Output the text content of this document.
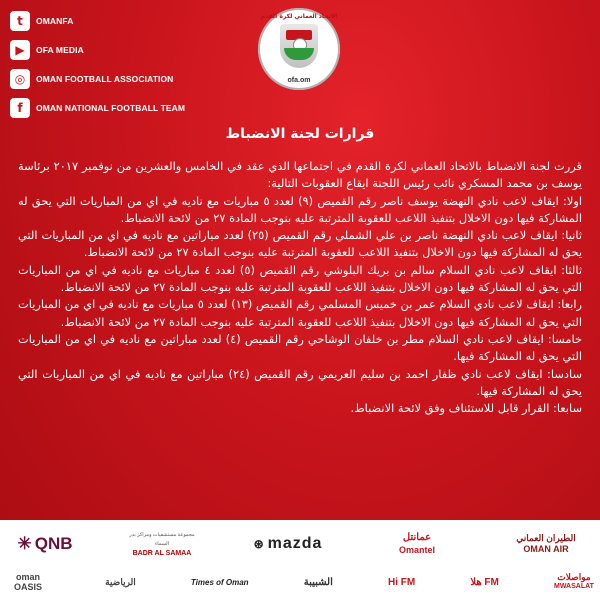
t	OMANFA
▶	OFA MEDIA
◎	OMAN FOOTBALL ASSOCIATION
f	OMAN NATIONAL FOOTBALL TEAM
الاتحاد العماني لكرة القدم
ofa.om
قرارات لجنة الانضباط

قررت لجنة الانضباط بالاتحاد العماني لكرة القدم في اجتماعها الذي عقد في الخامس والعشرين من نوفمبر ٢٠١٧ برئاسة يوسف بن محمد المسكري نائب رئيس اللجنة ايقاع العقوبات التالية:

اولا: ايقاف لاعب نادي النهضة يوسف ناصر رقم القميص (٩) لعدد ٥ مباريات مع ناديه في اي من المباريات التي يحق له المشاركة فيها دون الاخلال بتنفيذ اللاعب للعقوبة المترتبة عليه بنوجب المادة ٢٧ من لائحة الانضباط.

ثانيا: ايقاف لاعب نادي النهضة ناصر بن علي الشملي رقم القميص (٢٥) لعدد مباراتين مع ناديه في اي من المباريات التي يحق له المشاركة فيها دون الاخلال بتنفيذ اللاعب للعقوبة المترتبة عليه بنوجب المادة ٢٧ من لائحة الانضباط.

ثالثا: ايقاف لاعب نادي السلام سالم بن بريك البلوشي رقم القميص (٥) لعدد ٤ مباريات مع ناديه في اي من المباريات التي يحق له المشاركة فيها دون الاخلال بتنفيذ اللاعب للعقوبة المترتبة عليه بنوجب المادة ٢٧ من لائحة الانضباط.

رابعا: ايقاف لاعب نادي السلام عمر بن خميس المسلمي رقم القميص (١٣) لعدد ٥ مباريات مع ناديه في اي من المباريات التي يحق له المشاركة فيها دون الاخلال بتنفيذ اللاعب للعقوبة المترتبة عليه بنوجب المادة ٢٧ من لائحة الانضباط.

خامسا: ايقاف لاعب نادي السلام مطر بن خلفان الوشاحي رقم القميص (٤) لعدد مباراتين مع ناديه في اي من المباريات التي يحق له المشاركة فيها.

سادسا: ايقاف لاعب نادي ظفار احمد بن سليم العريمي رقم القميص (٢٤) مباراتين مع ناديه في اي من المباريات التي يحق له المشاركة فيها.

سابعا: القرار قابل للاستئناف وفق لائحة الانضباط.

✳ QNB	مجموعة مستشفيات ومراكز بدر السماء
BADR AL SAMAA
⊛ mazda	عمانتل
Omantel
الطيران العماني
OMAN AIR
oman
OASIS
الرياضية	Times of Oman	الشبيبة	Hi FM	هلا FM	مواصلات
MWASALAT
